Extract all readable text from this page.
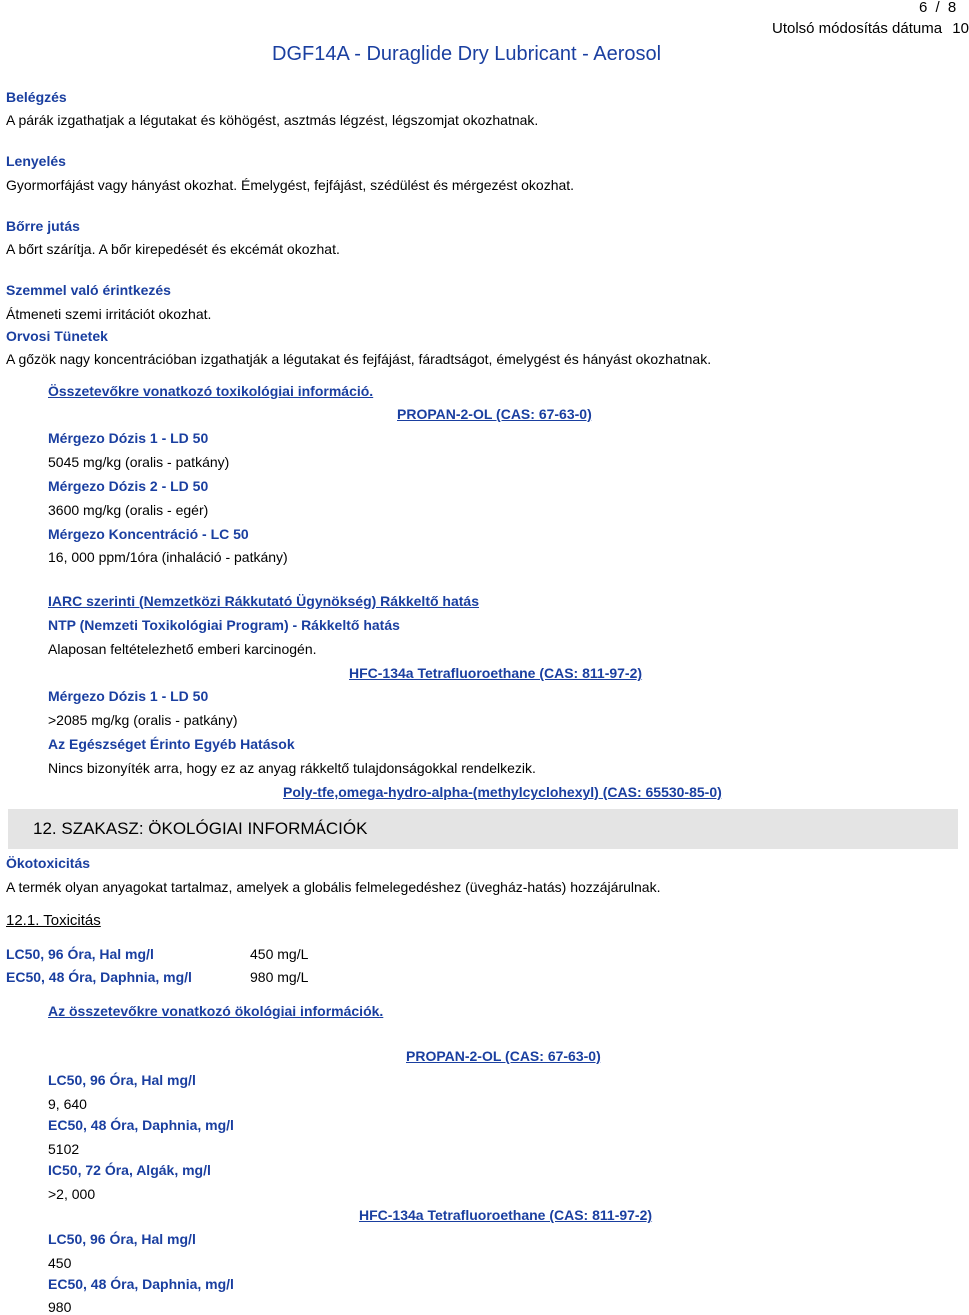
6 / 8
DGF14A - Duraglide Dry Lubricant - Aerosol
Utolsó módosítás dátuma 10
Belégzés
A párák izgathatjak a légutakat és köhögést, asztmás légzést, légszomjat okozhatnak.
Lenyelés
Gyormorfájást vagy hányást okozhat. Émelygést, fejfájást, szédülést és mérgezést okozhat.
Bőrre jutás
A bőrt szárítja. A bőr kirepedését és ekcémát okozhat.
Szemmel való érintkezés
Átmeneti szemi irritációt okozhat.
Orvosi Tünetek
A gőzök nagy koncentrációban izgathatják a légutakat és fejfájást, fáradtságot, émelygést és hányást okozhatnak.
Összetevőkre vonatkozó toxikológiai információ.
PROPAN-2-OL (CAS: 67-63-0)
Mérgezo Dózis 1 - LD 50
5045 mg/kg (oralis - patkány)
Mérgezo Dózis 2 - LD 50
3600 mg/kg (oralis - egér)
Mérgezo Koncentráció - LC 50
16, 000 ppm/1óra (inhaláció - patkány)
IARC szerinti (Nemzetközi Rákkutató Ügynökség) Rákkeltő hatás
NTP (Nemzeti Toxikológiai Program) - Rákkeltő hatás
Alaposan feltételezhető emberi karcinogén.
HFC-134a Tetrafluoroethane (CAS: 811-97-2)
Mérgezo Dózis 1 - LD 50
>2085 mg/kg (oralis - patkány)
Az Egészséget Érinto Egyéb Hatások
Nincs bizonyíték arra, hogy ez az anyag rákkeltő tulajdonságokkal rendelkezik.
Poly-tfe,omega-hydro-alpha-(methylcyclohexyl) (CAS: 65530-85-0)
12. SZAKASZ: ÖKOLÓGIAI INFORMÁCIÓK
Ökotoxicitás
A termék olyan anyagokat tartalmaz, amelyek a globális felmelegedéshez (üvegház-hatás) hozzájárulnak.
12.1. Toxicitás
LC50, 96 Óra, Hal mg/l	450 mg/L
EC50, 48 Óra, Daphnia, mg/l	980 mg/L
Az összetevőkre vonatkozó ökológiai információk.
PROPAN-2-OL (CAS: 67-63-0)
LC50, 96 Óra, Hal mg/l
9, 640
EC50, 48 Óra, Daphnia, mg/l
5102
IC50, 72 Óra, Algák, mg/l
>2, 000
HFC-134a Tetrafluoroethane (CAS: 811-97-2)
LC50, 96 Óra, Hal mg/l
450
EC50, 48 Óra, Daphnia, mg/l
980
